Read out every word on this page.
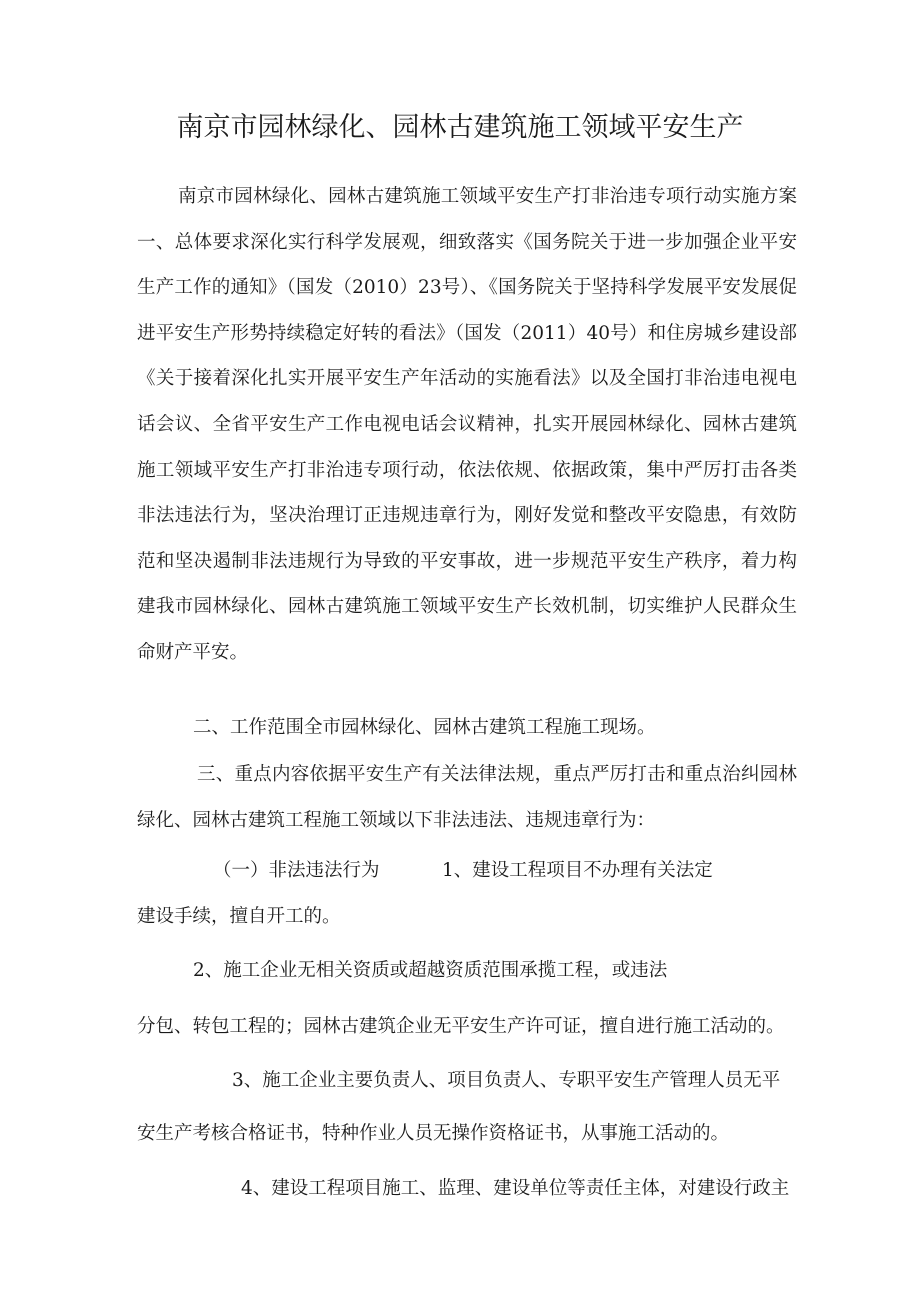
南京市园林绿化、园林古建筑施工领域平安生产

南京市园林绿化、园林古建筑施工领域平安生产打非治违专项行动实施方案一、总体要求深化实行科学发展观，细致落实《国务院关于进一步加强企业平安生产工作的通知》（国发（2010）23号）、《国务院关于坚持科学发展平安发展促进平安生产形势持续稳定好转的看法》（国发（2011）40号）和住房城乡建设部《关于接着深化扎实开展平安生产年活动的实施看法》以及全国打非治违电视电话会议、全省平安生产工作电视电话会议精神，扎实开展园林绿化、园林古建筑施工领域平安生产打非治违专项行动，依法依规、依据政策，集中严厉打击各类非法违法行为，坚决治理订正违规违章行为，刚好发觉和整改平安隐患，有效防范和坚决遏制非法违规行为导致的平安事故，进一步规范平安生产秩序，着力构建我市园林绿化、园林古建筑施工领域平安生产长效机制，切实维护人民群众生命财产平安。

二、工作范围全市园林绿化、园林古建筑工程施工现场。

三、重点内容依据平安生产有关法律法规，重点严厉打击和重点治纠园林绿化、园林古建筑工程施工领域以下非法违法、违规违章行为：

（一）非法违法行为	1、建设工程项目不办理有关法定

建设手续，擅自开工的。

2、施工企业无相关资质或超越资质范围承揽工程，或违法

分包、转包工程的；园林古建筑企业无平安生产许可证，擅自进行施工活动的。

3、施工企业主要负责人、项目负责人、专职平安生产管理人员无平

安生产考核合格证书，特种作业人员无操作资格证书，从事施工活动的。

4、建设工程项目施工、监理、建设单位等责任主体，对建设行政主
